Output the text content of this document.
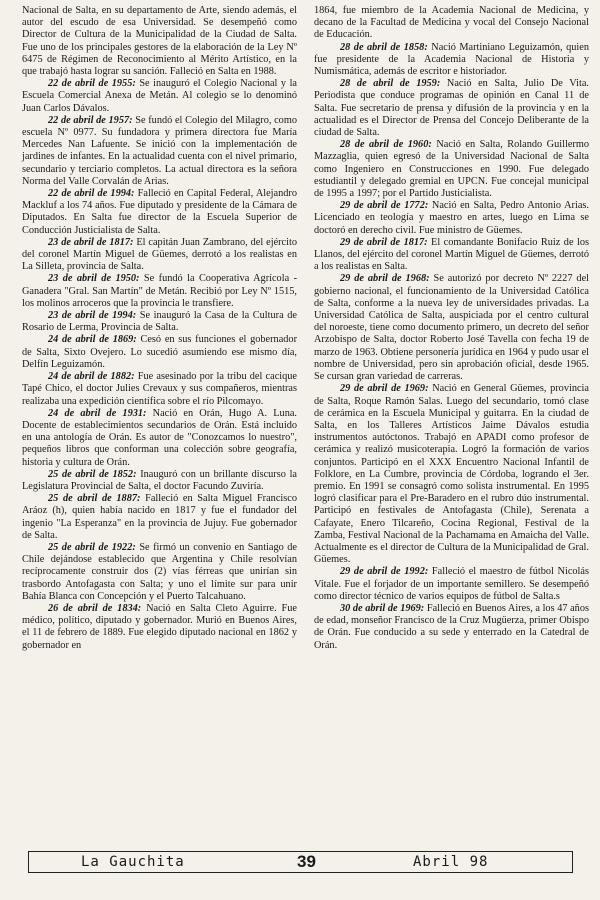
Nacional de Salta, en su departamento de Arte, siendo además, el autor del escudo de esa Universidad. Se desempeñó como Director de Cultura de la Municipalidad de la Ciudad de Salta. Fue uno de los principales gestores de la elaboración de la Ley Nº 6475 de Régimen de Reconocimiento al Mérito Artístico, en la que trabajó hasta lograr su sanción. Falleció en Salta en 1988.

22 de abril de 1955: Se inauguró el Colegio Nacional y la Escuela Comercial Anexa de Metán. Al colegio se lo denominó Juan Carlos Dávalos.

22 de abril de 1957: Se fundó el Colegio del Milagro, como escuela Nº 0977. Su fundadora y primera directora fue María Mercedes Nan Lafuente. Se inició con la implementación de jardines de infantes. En la actualidad cuenta con el nivel primario, secundario y terciario completos. La actual directora es la señora Norma del Valle Corvalán de Arias.

22 de abril de 1994: Falleció en Capital Federal, Alejandro Mackluf a los 74 años. Fue diputado y presidente de la Cámara de Diputados. En Salta fue director de la Escuela Superior de Conducción Justicialista de Salta.

23 de abril de 1817: El capitán Juan Zambrano, del ejército del coronel Martín Miguel de Güemes, derrotó a los realistas en La Silleta, provincia de Salta.

23 de abril de 1950: Se fundó la Cooperativa Agrícola - Ganadera "Gral. San Martín" de Metán. Recibió por Ley Nº 1515, los molinos arroceros que la provincia le transfiere.

23 de abril de 1994: Se inauguró la Casa de la Cultura de Rosario de Lerma, Provincia de Salta.

24 de abril de 1869: Cesó en sus funciones el gobernador de Salta, Sixto Ovejero. Lo sucedió asumiendo ese mismo día, Delfín Leguizamón.

24 de abril de 1882: Fue asesinado por la tribu del cacique Tapé Chico, el doctor Julies Crevaux y sus compañeros, mientras realizaba una expedición científica sobre el río Pilcomayo.

24 de abril de 1931: Nació en Orán, Hugo A. Luna. Docente de establecimientos secundarios de Orán. Está incluido en una antología de Orán. Es autor de "Conozcamos lo nuestro", pequeños libros que conforman una colección sobre geografía, historia y cultura de Orán.

25 de abril de 1852: Inauguró con un brillante discurso la Legislatura Provincial de Salta, el doctor Facundo Zuviría.

25 de abril de 1887: Falleció en Salta Miguel Francisco Aráoz (h), quien había nacido en 1817 y fue el fundador del ingenio "La Esperanza" en la provincia de Jujuy. Fue gobernador de Salta.

25 de abril de 1922: Se firmó un convenio en Santiago de Chile dejándose establecido que Argentina y Chile resolvían recíprocamente construir dos (2) vías férreas que unirían sin trasbordo Antofagasta con Salta; y uno el límite sur para unir Bahía Blanca con Concepción y el Puerto Talcahuano.

26 de abril de 1834: Nació en Salta Cleto Aguirre. Fue médico, político, diputado y gobernador. Murió en Buenos Aires, el 11 de febrero de 1889. Fue elegido diputado nacional en 1862 y gobernador en

1864, fue miembro de la Academia Nacional de Medicina, y decano de la Facultad de Medicina y vocal del Consejo Nacional de Educación.

28 de abril de 1858: Nació Martiniano Leguizamón, quien fue presidente de la Academia Nacional de Historia y Numismática, además de escritor e historiador.

28 de abril de 1959: Nació en Salta, Julio De Vita. Periodista que conduce programas de opinión en Canal 11 de Salta. Fue secretario de prensa y difusión de la provincia y en la actualidad es el Director de Prensa del Concejo Deliberante de la ciudad de Salta.

28 de abril de 1960: Nació en Salta, Rolando Guillermo Mazzaglia, quien egresó de la Universidad Nacional de Salta como Ingeniero en Construcciones en 1990. Fue delegado estudiantil y delegado gremial en UPCN. Fue concejal municipal de 1995 a 1997; por el Partido Justicialista.

29 de abril de 1772: Nació en Salta, Pedro Antonio Arias. Licenciado en teología y maestro en artes, luego en Lima se doctoró en derecho civil. Fue ministro de Güemes.

29 de abril de 1817: El comandante Bonifacio Ruiz de los Llanos, del ejército del coronel Martín Miguel de Güemes, derrotó a los realistas en Salta.

29 de abril de 1968: Se autorizó por decreto Nº 2227 del gobierno nacional, el funcionamiento de la Universidad Católica de Salta, conforme a la nueva ley de universidades privadas. La Universidad Católica de Salta, auspiciada por el centro cultural del noroeste, tiene como documento primero, un decreto del señor Arzobispo de Salta, doctor Roberto José Tavella con fecha 19 de marzo de 1963. Obtiene personería jurídica en 1964 y pudo usar el nombre de Universidad, pero sin aprobación oficial, desde 1965. Se cursan gran variedad de carreras.

29 de abril de 1969: Nació en General Güemes, provincia de Salta, Roque Ramón Salas. Luego del secundario, tomó clase de cerámica en la Escuela Municipal y guitarra. En la ciudad de Salta, en los Talleres Artísticos Jaime Dávalos estudia instrumentos autóctonos. Trabajó en APADI como profesor de cerámica y realizó musicoterapia. Logró la formación de varios conjuntos. Participó en el XXX Encuentro Nacional Infantil de Folklore, en La Cumbre, provincia de Córdoba, logrando el 3er. premio. En 1991 se consagró como solista instrumental. En 1995 logró clasificar para el Pre-Baradero en el rubro dúo instrumental. Participó en festivales de Antofagasta (Chile), Serenata a Cafayate, Enero Tilcareño, Cocina Regional, Festival de la Zamba, Festival Nacional de la Pachamama en Amaicha del Valle. Actualmente es el director de Cultura de la Municipalidad de Gral. Güemes.

29 de abril de 1992: Falleció el maestro de fútbol Nicolás Vitale. Fue el forjador de un importante semillero. Se desempeñó como director técnico de varios equipos de fútbol de Salta.s

30 de abril de 1969: Falleció en Buenos Aires, a los 47 años de edad, monseñor Francisco de la Cruz Mugüerza, primer Obispo de Orán. Fue conducido a su sede y enterrado en la Catedral de Orán.

La Gauchita	39	Abril 98
